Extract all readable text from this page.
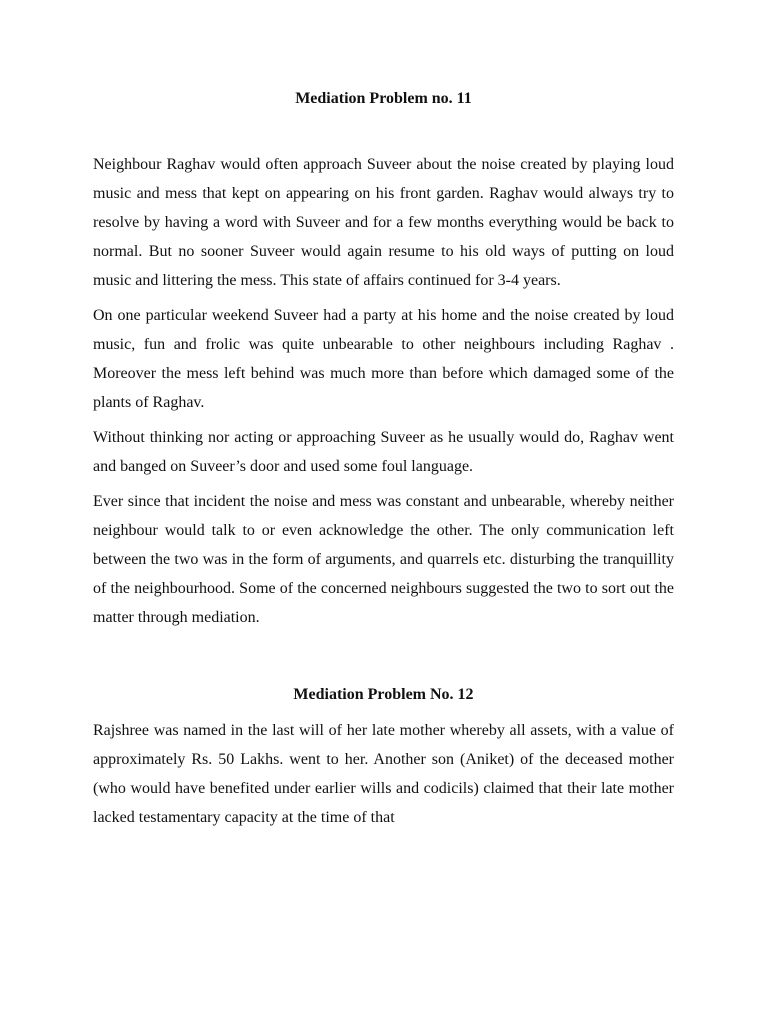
Mediation Problem no. 11

Neighbour Raghav would often approach Suveer about the noise created by playing loud music and mess that kept on appearing on his front garden. Raghav would always try to resolve by having a word with Suveer and for a few months everything would be back to normal. But no sooner Suveer would again resume to his old ways of putting on loud music and littering the mess. This state of affairs continued for 3-4 years.

On one particular weekend Suveer had a party at his home and the noise created by loud music, fun and frolic was quite unbearable to other neighbours including Raghav . Moreover the mess left behind was much more than before which damaged some of the plants of Raghav.

Without thinking nor acting or approaching Suveer as he usually would do, Raghav went and banged on Suveer’s door and used some foul language.

Ever since that incident the noise and mess was constant and unbearable, whereby neither neighbour would talk to or even acknowledge the other. The only communication left between the two was in the form of arguments, and quarrels etc. disturbing the tranquillity of the neighbourhood. Some of the concerned neighbours suggested the two to sort out the matter through mediation.

Mediation Problem No. 12

Rajshree was named in the last will of her late mother whereby all assets, with a value of approximately Rs. 50 Lakhs. went to her. Another son (Aniket) of the deceased mother (who would have benefited under earlier wills and codicils) claimed that their late mother lacked testamentary capacity at the time of that
